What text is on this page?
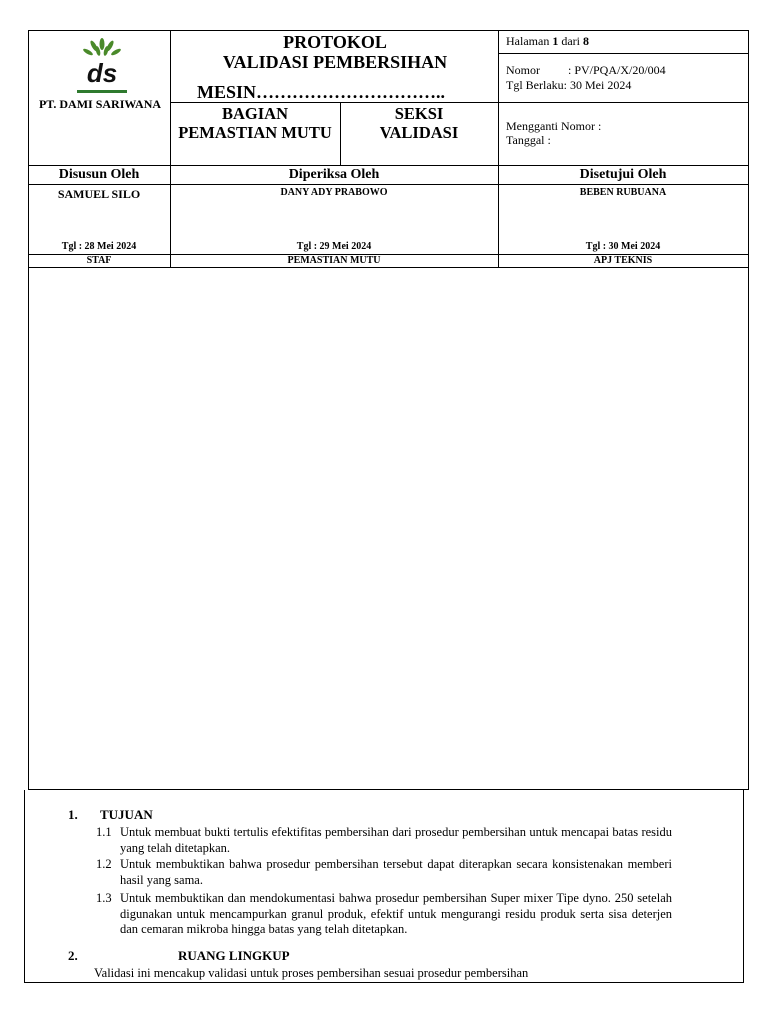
ds
PT. DAMI SARIWANA
PROTOKOL
VALIDASI PEMBERSIHAN
MESIN…………………………..
Halaman 1 dari 8
Nomor : PV/PQA/X/20/004
Tgl Berlaku: 30 Mei 2024
BAGIAN
PEMASTIAN MUTU
SEKSI
VALIDASI	Mengganti Nomor :
Tanggal :
Disusun Oleh	Diperiksa Oleh	Disetujui Oleh
SAMUEL SILO	DANY ADY PRABOWO	BEBEN RUBUANA
Tgl : 28 Mei 2024	Tgl : 29 Mei 2024	Tgl : 30 Mei 2024
STAF	PEMASTIAN MUTU	APJ TEKNIS
1. TUJUAN
1.1 Untuk membuat bukti tertulis efektifitas pembersihan dari prosedur pembersihan untuk mencapai batas residu yang telah ditetapkan.
1.2 Untuk membuktikan bahwa prosedur pembersihan tersebut dapat diterapkan secara konsistenakan memberi hasil yang sama.
1.3 Untuk membuktikan dan mendokumentasi bahwa prosedur pembersihan Super mixer Tipe dyno. 250 setelah digunakan untuk mencampurkan granul produk, efektif untuk mengurangi residu produk serta sisa deterjen dan cemaran mikroba hingga batas yang telah ditetapkan.
2.	RUANG LINGKUP
Validasi ini mencakup validasi untuk proses pembersihan sesuai prosedur pembersihan
